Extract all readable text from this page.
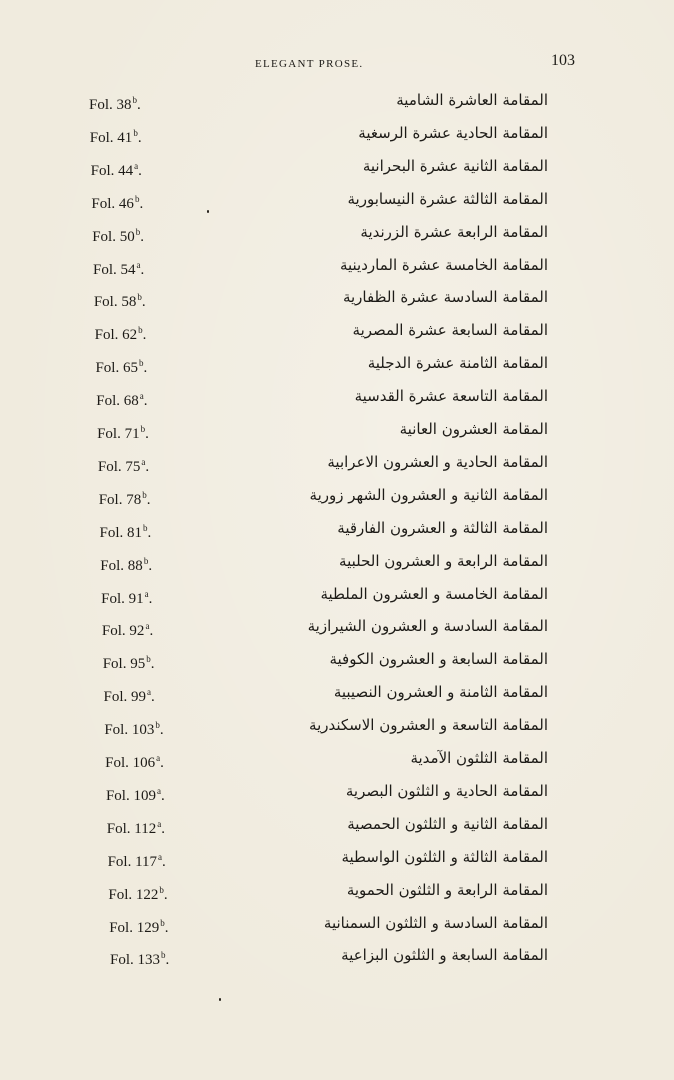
ELEGANT PROSE.	103
Fol. 38$^b$.	المقامة العاشرة الشامية
Fol. 41$^b$.	المقامة الحادية عشرة الرسغية
Fol. 44$^a$.	المقامة الثانية عشرة البحرانية
Fol. 46$^b$.	المقامة الثالثة عشرة النيسابورية
Fol. 50$^b$.	المقامة الرابعة عشرة الزرندية
Fol. 54$^a$.	المقامة الخامسة عشرة الماردينية
Fol. 58$^b$.	المقامة السادسة عشرة الظفارية
Fol. 62$^b$.	المقامة السابعة عشرة المصرية
Fol. 65$^b$.	المقامة الثامنة عشرة الدجلية
Fol. 68$^a$.	المقامة التاسعة عشرة القدسية
Fol. 71$^b$.	المقامة العشرون العانية
Fol. 75$^a$.	المقامة الحادية و العشرون الاعرابية
Fol. 78$^b$.	المقامة الثانية و العشرون الشهر زورية
Fol. 81$^b$.	المقامة الثالثة و العشرون الفارقية
Fol. 88$^b$.	المقامة الرابعة و العشرون الحلبية
Fol. 91$^a$.	المقامة الخامسة و العشرون الملطية
Fol. 92$^a$.	المقامة السادسة و العشرون الشيرازية
Fol. 95$^b$.	المقامة السابعة و العشرون الكوفية
Fol. 99$^a$.	المقامة الثامنة و العشرون النصيبية
Fol. 103$^b$.	المقامة التاسعة و العشرون الاسكندرية
Fol. 106$^a$.	المقامة الثلثون الآمدية
Fol. 109$^a$.	المقامة الحادية و الثلثون البصرية
Fol. 112$^a$.	المقامة الثانية و الثلثون الحمصية
Fol. 117$^a$.	المقامة الثالثة و الثلثون الواسطية
Fol. 122$^b$.	المقامة الرابعة و الثلثون الحموية
Fol. 129$^b$.	المقامة السادسة و الثلثون السمنانية
Fol. 133$^b$.	المقامة السابعة و الثلثون البزاعية
